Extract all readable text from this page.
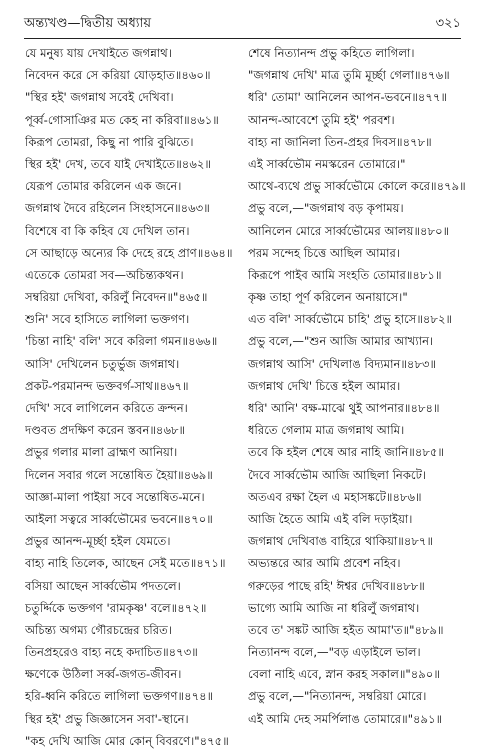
অন্ত্যখণ্ড—দ্বিতীয় অধ্যায়	৩২১
যে মনুষ্য যায় দেখাইতে জগন্নাথ।
নিবেদন করে সে করিয়া যোড়হাত॥৪৬০॥
"স্থির হই' জগন্নাথ সবেই দেখিবা।
পূর্ব্ব-গোসাঞির মত কেহ না করিবা॥৪৬১॥
কিরূপ তোমরা, কিছু না পারি বুঝিতে।
স্থির হই' দেখ, তবে যাই দেখাইতে॥৪৬২॥
যেরূপ তোমার করিলেন এক জনে।
জগন্নাথ দৈবে রহিলেন সিংহাসনে॥৪৬৩॥
বিশেষে বা কি কহিব যে দেখিল তান।
সে আছাড়ে অন্যের কি দেহে রহে প্রাণ॥৪৬৪॥
এতেকে তোমরা সব—অচিন্ত্যকথন।
সম্বরিয়া দেখিবা, করিলুঁ নিবেদন॥"৪৬৫॥
শুনি' সবে হাসিতে লাগিলা ভক্তগণ।
'চিন্তা নাহি' বলি' সবে করিলা গমন॥৪৬৬॥
আসি' দেখিলেন চতুর্ভুজ জগন্নাথ।
প্রকট-পরমানন্দ ভক্তবর্গ-সাথ॥৪৬৭॥
দেখি' সবে লাগিলেন করিতে ক্রন্দন।
দণ্ডবত প্রদক্ষিণ করেন স্তবন॥৪৬৮॥
প্রভুর গলার মালা ব্রাহ্মণ আনিয়া।
দিলেন সবার গলে সন্তোষিত হৈয়া॥৪৬৯॥
আজ্ঞা-মালা পাইয়া সবে সন্তোষিত-মনে।
আইলা সত্বরে সার্ব্বভৌমের ভবনে॥৪৭০॥
প্রভুর আনন্দ-মূর্চ্ছা হইল যেমতে।
বাহ্য নাহি তিলেক, আছেন সেই মতে॥৪৭১॥
বসিয়া আছেন সার্ব্বভৌম পদতলে।
চতুর্দ্দিকে ভক্তগণ 'রামকৃষ্ণ' বলে॥৪৭২॥
অচিন্ত্য অগম্য গৌরচন্দ্রের চরিত।
তিনপ্রহরেও বাহ্য নহে কদাচিত॥৪৭৩॥
ক্ষণেকে উঠিলা সর্ব্ব-জগত-জীবন।
হরি-ধ্বনি করিতে লাগিলা ভক্তগণ॥৪৭৪॥
স্থির হই' প্রভু জিজ্ঞাসেন সবা'-স্থানে।
"কহ দেখি আজি মোর কোন্ বিবরণে।"৪৭৫॥
শেষে নিত্যানন্দ প্রভু কহিতে লাগিলা।
"জগন্নাথ দেখি' মাত্র তুমি মূর্চ্ছা গেলা॥৪৭৬॥
ধরি' তোমা' আনিলেন আপন-ভবনে॥৪৭৭॥
আনন্দ-আবেশে তুমি হই' পরবশ।
বাহ্য না জানিলা তিন-প্রহর দিবস॥৪৭৮॥
এই সার্ব্বভৌম নমস্করেন তোমারে।"
আথে-ব্যথে প্রভু সার্ব্বভৌমে কোলে করে॥৪৭৯॥
প্রভু বলে,—"জগন্নাথ বড় কৃপাময়।
আনিলেন মোরে সার্ব্বভৌমের আলয়॥৪৮০॥
পরম সন্দেহ চিত্তে আছিল আমার।
কিরূপে পাইব আমি সংহতি তোমার॥৪৮১॥
কৃষ্ণ তাহা পূর্ণ করিলেন অনায়াসে।"
এত বলি' সার্ব্বভৌমে চাহি' প্রভু হাসে॥৪৮২॥
প্রভু বলে,—"শুন আজি আমার আখ্যান।
জগন্নাথ আসি' দেখিলাঙ বিদ্যমান॥৪৮৩॥
জগন্নাথ দেখি' চিত্তে হইল আমার।
ধরি' আনি' বক্ষ-মাঝে থুই আপনার॥৪৮৪॥
ধরিতে গেলাম মাত্র জগন্নাথ আমি।
তবে কি হইল শেষে আর নাহি জানি॥৪৮৫॥
দৈবে সার্ব্বভৌম আজি আছিলা নিকটে।
অতএব রক্ষা হৈল এ মহাসঙ্কটে॥৪৮৬॥
আজি হৈতে আমি এই বলি দড়াইয়া।
জগন্নাথ দেখিবাঙ বাহিরে থাকিয়া॥৪৮৭॥
অভ্যন্তরে আর আমি প্রবেশ নহিব।
গরুড়ের পাছে রহি' ঈশ্বর দেখিব॥৪৮৮॥
ভাগ্যে আমি আজি না ধরিলুঁ জগন্নাথ।
তবে ত' সঙ্কট আজি হইত আমা'ত॥"৪৮৯॥
নিত্যানন্দ বলে,—"বড় এড়াইলে ভাল।
বেলা নাহি এবে, স্নান করহ সকাল॥"৪৯০॥
প্রভু বলে,—"নিত্যানন্দ, সম্বরিয়া মোরে।
এই আমি দেহ সমর্পিলাঙ তোমারে॥"৪৯১॥
